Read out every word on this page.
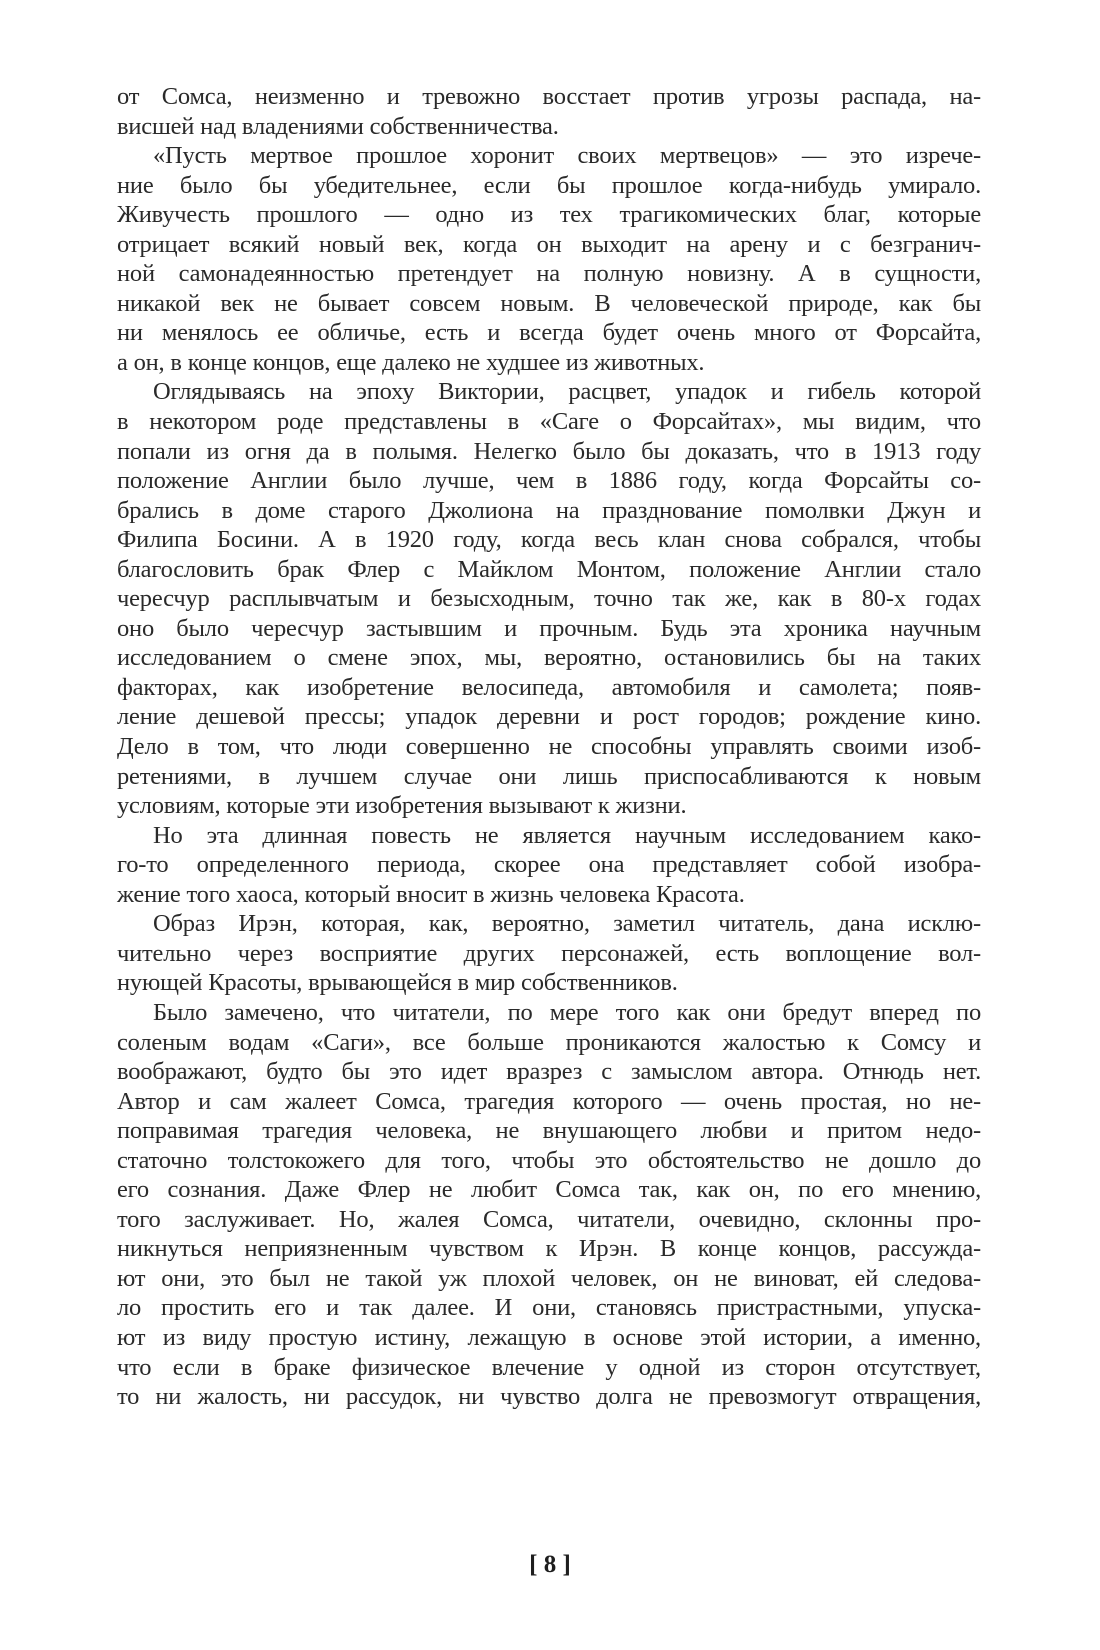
от Сомса, неизменно и тревожно восстает против угрозы распада, на-
висшей над владениями собственничества.
«Пусть мертвое прошлое хоронит своих мертвецов» — это изрече-
ние было бы убедительнее, если бы прошлое когда-нибудь умирало.
Живучесть прошлого — одно из тех трагикомических благ, которые
отрицает всякий новый век, когда он выходит на арену и с безгранич-
ной самонадеянностью претендует на полную новизну. А в сущности,
никакой век не бывает совсем новым. В человеческой природе, как бы
ни менялось ее обличье, есть и всегда будет очень много от Форсайта,
а он, в конце концов, еще далеко не худшее из животных.
Оглядываясь на эпоху Виктории, расцвет, упадок и гибель которой
в некотором роде представлены в «Саге о Форсайтах», мы видим, что
попали из огня да в полымя. Нелегко было бы доказать, что в 1913 году
положение Англии было лучше, чем в 1886 году, когда Форсайты со-
брались в доме старого Джолиона на празднование помолвки Джун и
Филипа Босини. А в 1920 году, когда весь клан снова собрался, чтобы
благословить брак Флер с Майклом Монтом, положение Англии стало
чересчур расплывчатым и безысходным, точно так же, как в 80-х годах
оно было чересчур застывшим и прочным. Будь эта хроника научным
исследованием о смене эпох, мы, вероятно, остановились бы на таких
факторах, как изобретение велосипеда, автомобиля и самолета; появ-
ление дешевой прессы; упадок деревни и рост городов; рождение кино.
Дело в том, что люди совершенно не способны управлять своими изоб-
ретениями, в лучшем случае они лишь приспосабливаются к новым
условиям, которые эти изобретения вызывают к жизни.
Но эта длинная повесть не является научным исследованием како-
го-то определенного периода, скорее она представляет собой изобра-
жение того хаоса, который вносит в жизнь человека Красота.
Образ Ирэн, которая, как, вероятно, заметил читатель, дана исклю-
чительно через восприятие других персонажей, есть воплощение вол-
нующей Красоты, врывающейся в мир собственников.
Было замечено, что читатели, по мере того как они бредут вперед по
соленым водам «Саги», все больше проникаются жалостью к Сомсу и
воображают, будто бы это идет вразрез с замыслом автора. Отнюдь нет.
Автор и сам жалеет Сомса, трагедия которого — очень простая, но не-
поправимая трагедия человека, не внушающего любви и притом недо-
статочно толстокожего для того, чтобы это обстоятельство не дошло до
его сознания. Даже Флер не любит Сомса так, как он, по его мнению,
того заслуживает. Но, жалея Сомса, читатели, очевидно, склонны про-
никнуться неприязненным чувством к Ирэн. В конце концов, рассужда-
ют они, это был не такой уж плохой человек, он не виноват, ей следова-
ло простить его и так далее. И они, становясь пристрастными, упуска-
ют из виду простую истину, лежащую в основе этой истории, а именно,
что если в браке физическое влечение у одной из сторон отсутствует,
то ни жалость, ни рассудок, ни чувство долга не превозмогут отвращения,
[ 8 ]
